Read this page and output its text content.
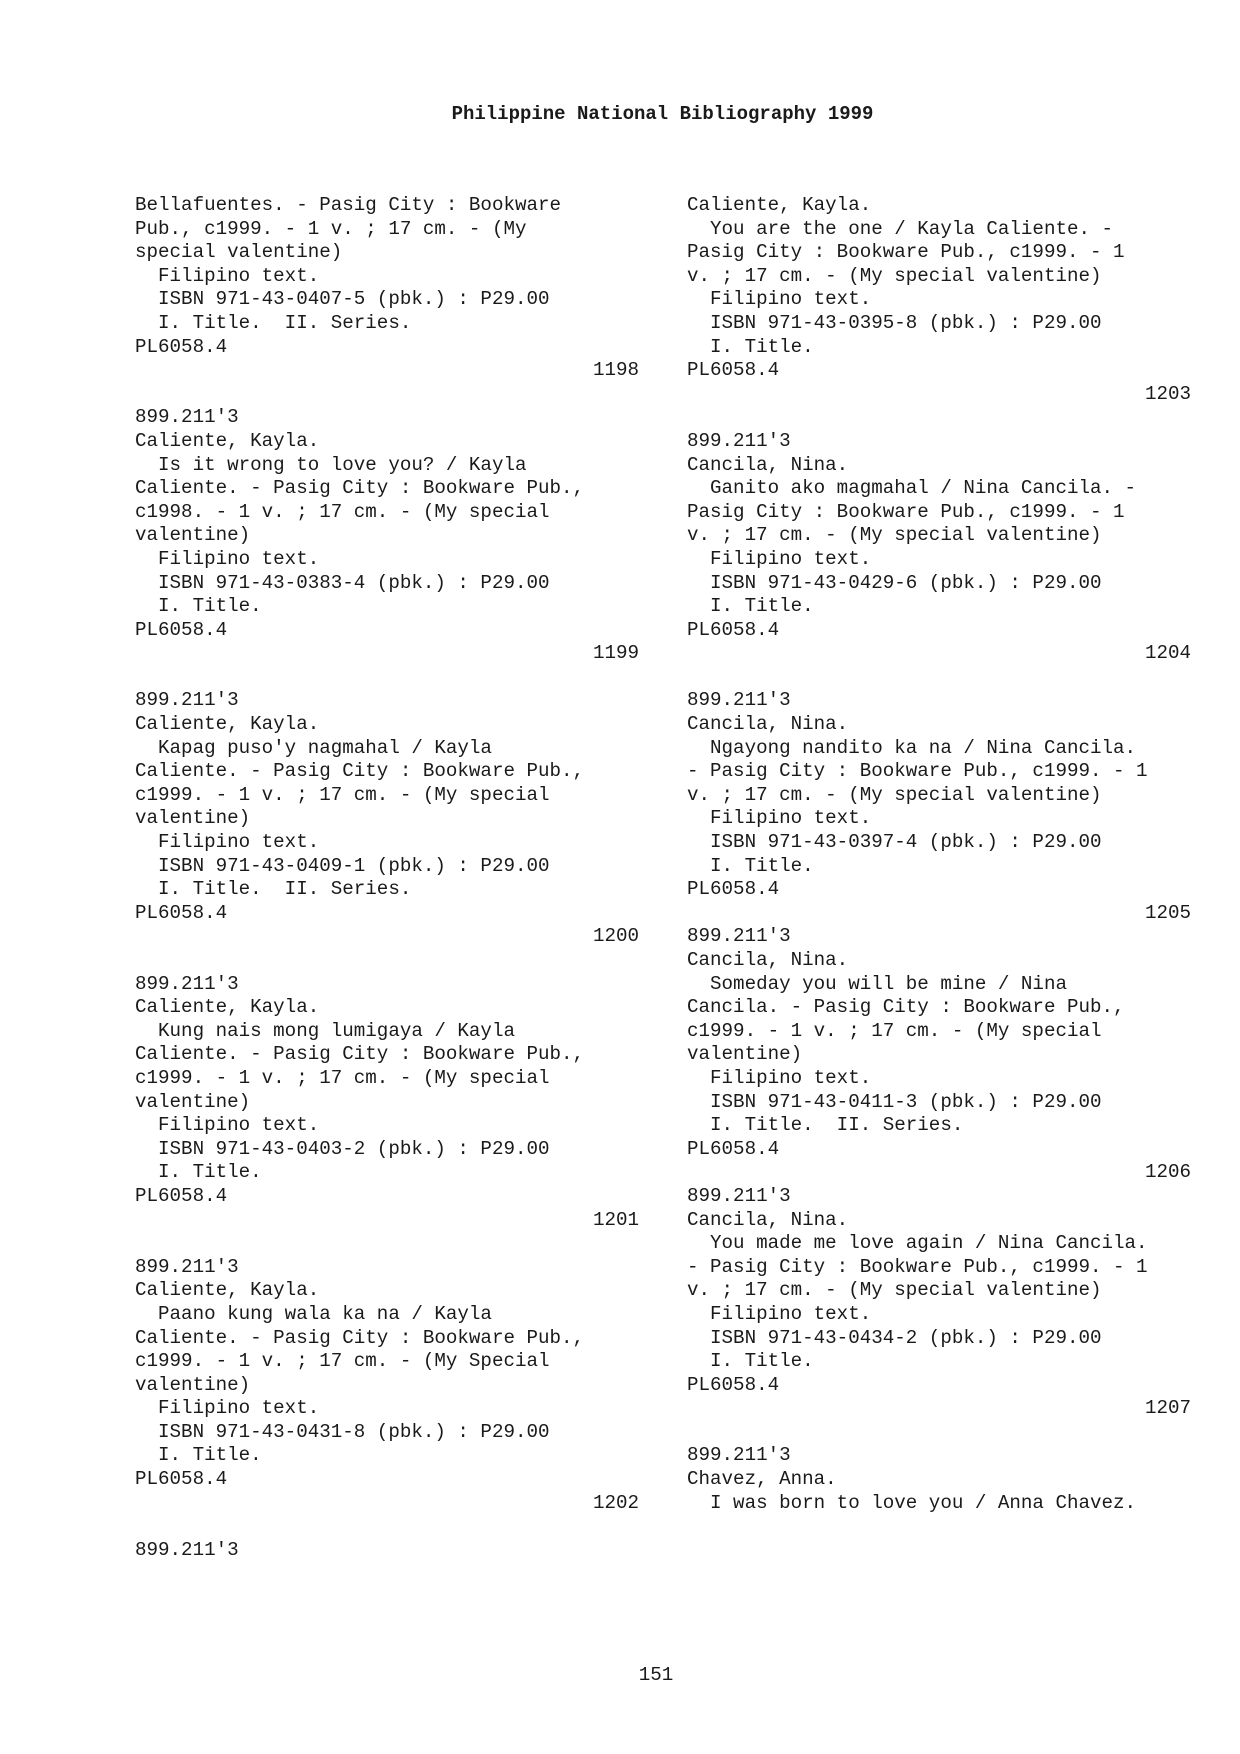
Philippine National Bibliography 1999
Bellafuentes. - Pasig City : Bookware
Pub., c1999. - 1 v. ; 17 cm. - (My
special valentine)
Filipino text.
ISBN 971-43-0407-5 (pbk.) : P29.00
I. Title.  II. Series.
PL6058.4
1198
899.211'3
Caliente, Kayla.
Is it wrong to love you? / Kayla
Caliente. - Pasig City : Bookware Pub.,
c1998. - 1 v. ; 17 cm. - (My special
valentine)
Filipino text.
ISBN 971-43-0383-4 (pbk.) : P29.00
I. Title.
PL6058.4
1199
899.211'3
Caliente, Kayla.
Kapag puso'y nagmahal / Kayla
Caliente. - Pasig City : Bookware Pub.,
c1999. - 1 v. ; 17 cm. - (My special
valentine)
Filipino text.
ISBN 971-43-0409-1 (pbk.) : P29.00
I. Title.  II. Series.
PL6058.4
1200
899.211'3
Caliente, Kayla.
Kung nais mong lumigaya / Kayla
Caliente. - Pasig City : Bookware Pub.,
c1999. - 1 v. ; 17 cm. - (My special
valentine)
Filipino text.
ISBN 971-43-0403-2 (pbk.) : P29.00
I. Title.
PL6058.4
1201
899.211'3
Caliente, Kayla.
Paano kung wala ka na / Kayla
Caliente. - Pasig City : Bookware Pub.,
c1999. - 1 v. ; 17 cm. - (My Special
valentine)
Filipino text.
ISBN 971-43-0431-8 (pbk.) : P29.00
I. Title.
PL6058.4
1202
899.211'3
Caliente, Kayla.
You are the one / Kayla Caliente. -
Pasig City : Bookware Pub., c1999. - 1
v. ; 17 cm. - (My special valentine)
Filipino text.
ISBN 971-43-0395-8 (pbk.) : P29.00
I. Title.
PL6058.4
1203
899.211'3
Cancila, Nina.
Ganito ako magmahal / Nina Cancila. -
Pasig City : Bookware Pub., c1999. - 1
v. ; 17 cm. - (My special valentine)
Filipino text.
ISBN 971-43-0429-6 (pbk.) : P29.00
I. Title.
PL6058.4
1204
899.211'3
Cancila, Nina.
Ngayong nandito ka na / Nina Cancila.
- Pasig City : Bookware Pub., c1999. - 1
v. ; 17 cm. - (My special valentine)
Filipino text.
ISBN 971-43-0397-4 (pbk.) : P29.00
I. Title.
PL6058.4
1205
899.211'3
Cancila, Nina.
Someday you will be mine / Nina
Cancila. - Pasig City : Bookware Pub.,
c1999. - 1 v. ; 17 cm. - (My special
valentine)
Filipino text.
ISBN 971-43-0411-3 (pbk.) : P29.00
I. Title.  II. Series.
PL6058.4
1206
899.211'3
Cancila, Nina.
You made me love again / Nina Cancila.
- Pasig City : Bookware Pub., c1999. - 1
v. ; 17 cm. - (My special valentine)
Filipino text.
ISBN 971-43-0434-2 (pbk.) : P29.00
I. Title.
PL6058.4
1207
899.211'3
Chavez, Anna.
I was born to love you / Anna Chavez.
151
